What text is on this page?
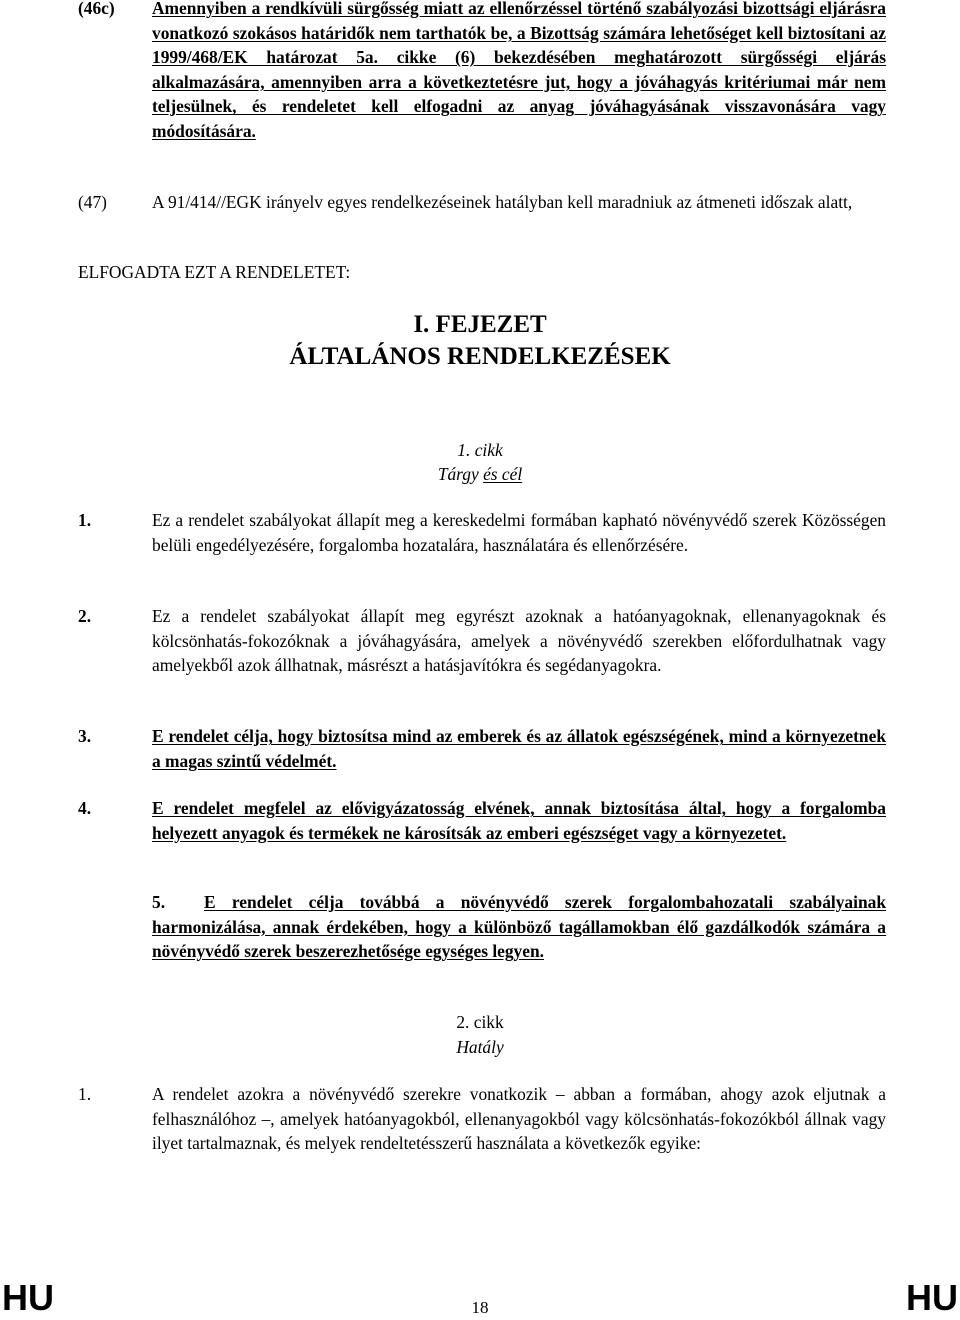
(46c) Amennyiben a rendkívüli sürgősség miatt az ellenőrzéssel történő szabályozási bizottsági eljárásra vonatkozó szokásos határidők nem tarthatók be, a Bizottság számára lehetőséget kell biztosítani az 1999/468/EK határozat 5a. cikke (6) bekezdésében meghatározott sürgősségi eljárás alkalmazására, amennyiben arra a következtetésre jut, hogy a jóváhagyás kritériumai már nem teljesülnek, és rendeletet kell elfogadni az anyag jóváhagyásának visszavonására vagy módosítására.
(47)	A 91/414//EGK irányelv egyes rendelkezéseinek hatályban kell maradniuk az átmeneti időszak alatt,
ELFOGADTA EZT A RENDELETET:
I. FEJEZET
ÁLTALÁNOS RENDELKEZÉSEK
1. cikk
Tárgy és cél
1.	Ez a rendelet szabályokat állapít meg a kereskedelmi formában kapható növényvédő szerek Közösségen belüli engedélyezésére, forgalomba hozatalára, használatára és ellenőrzésére.
2.	Ez a rendelet szabályokat állapít meg egyrészt azoknak a hatóanyagoknak, ellenanyagoknak és kölcsönhatás-fokozóknak a jóváhagyására, amelyek a növényvédő szerekben előfordulhatnak vagy amelyekből azok állhatnak, másrészt a hatásjavítókra és segédanyagokra.
3.	E rendelet célja, hogy biztosítsa mind az emberek és az állatok egészségének, mind a környezetnek a magas szintű védelmét.
4.	E rendelet megfelel az elővigyázatosság elvének, annak biztosítása által, hogy a forgalomba helyezett anyagok és termékek ne károsítsák az emberi egészséget vagy a környezetet.
5.	E rendelet célja továbbá a növényvédő szerek forgalombahozatali szabályainak harmonizálása, annak érdekében, hogy a különböző tagállamokban élő gazdálkodók számára a növényvédő szerek beszerezhetősége egységes legyen.
2. cikk
Hatály
1.	A rendelet azokra a növényvédő szerekre vonatkozik – abban a formában, ahogy azok eljutnak a felhasználóhoz –, amelyek hatóanyagokból, ellenanyagokból vagy kölcsönhatás-fokozókból állnak vagy ilyet tartalmaznak, és melyek rendeltetésszerű használata a következők egyike:
HU	18	HU
